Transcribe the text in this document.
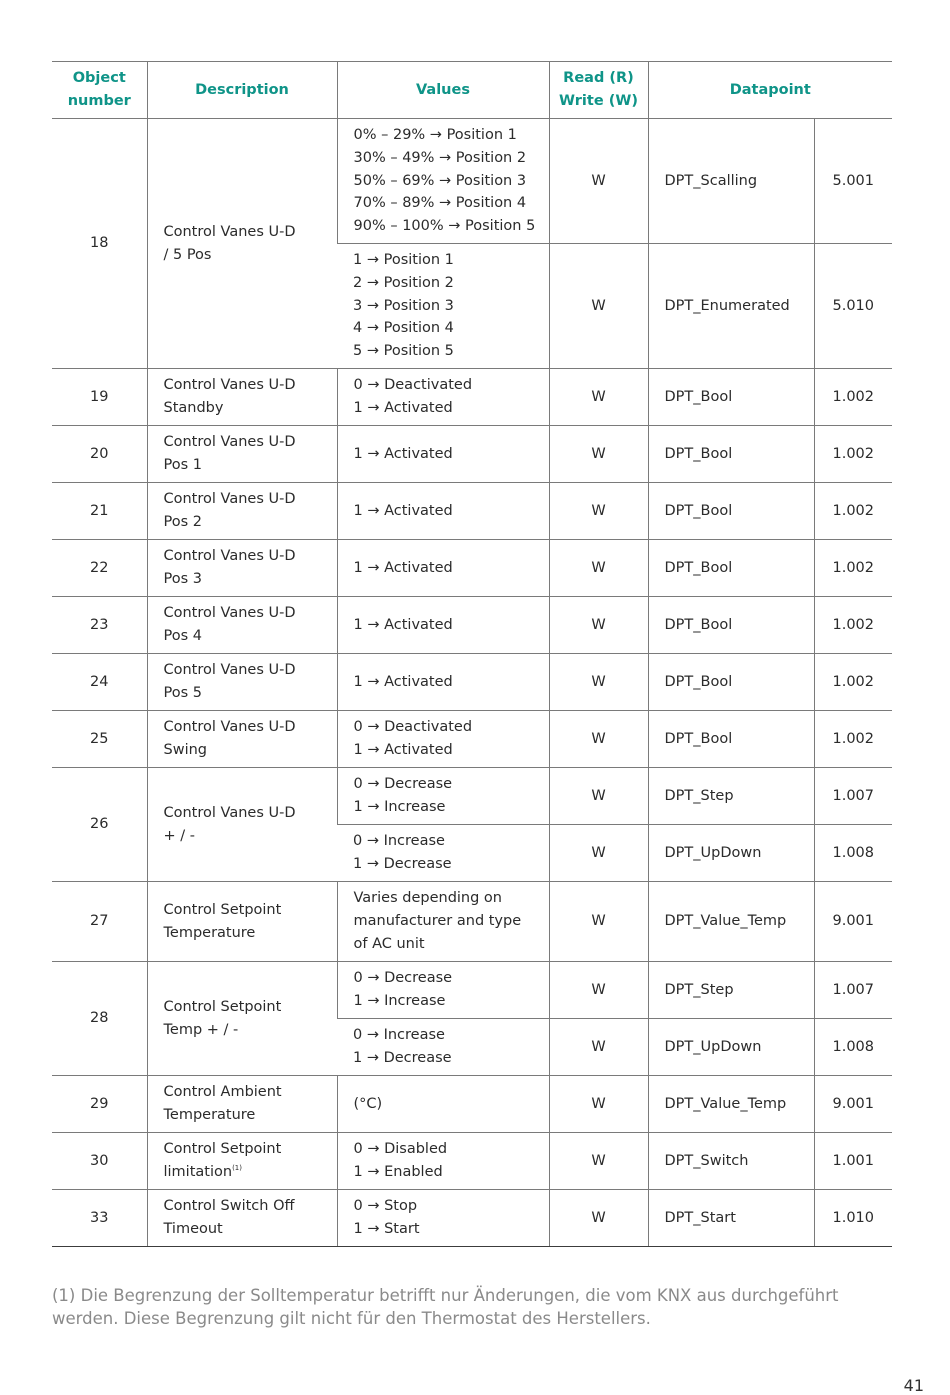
Object
number	Description	Values	Read (R)
Write (W)	Datapoint	
18	Control Vanes U-D
/ 5 Pos	0% – 29% → Position 1
30% – 49% → Position 2
50% – 69% → Position 3
70% – 89% → Position 4
90% – 100% → Position 5	W	DPT_Scalling	5.001

		1 → Position 1
2 → Position 2
3 → Position 3
4 → Position 4
5 → Position 5	W	DPT_Enumerated	5.010
19	Control Vanes U-D
Standby	0 → Deactivated
1 → Activated	W	DPT_Bool	1.002
20	Control Vanes U-D
Pos 1	1 → Activated	W	DPT_Bool	1.002
21	Control Vanes U-D
Pos 2	1 → Activated	W	DPT_Bool	1.002
22	Control Vanes U-D
Pos 3	1 → Activated	W	DPT_Bool	1.002
23	Control Vanes U-D
Pos 4	1 → Activated	W	DPT_Bool	1.002
24	Control Vanes U-D
Pos 5	1 → Activated	W	DPT_Bool	1.002
25	Control Vanes U-D
Swing	0 → Deactivated
1 → Activated	W	DPT_Bool	1.002
26	Control Vanes U-D
+ / -	0 → Decrease
1 → Increase	W	DPT_Step	1.007

		0 → Increase
1 → Decrease	W	DPT_UpDown	1.008
27	Control Setpoint
Temperature	Varies depending on
manufacturer and type
of AC unit	W	DPT_Value_Temp	9.001
28	Control Setpoint
Temp + / -	0 → Decrease
1 → Increase	W	DPT_Step	1.007

		0 → Increase
1 → Decrease	W	DPT_UpDown	1.008
29	Control Ambient
Temperature	(°C)	W	DPT_Value_Temp	9.001
30	Control Setpoint
limitation$^{(1)}$	0 → Disabled
1 → Enabled	W	DPT_Switch	1.001
33	Control Switch Off
Timeout	0 → Stop
1 → Start	W	DPT_Start	1.010
(1) Die Begrenzung der Solltemperatur betrifft nur Änderungen, die vom KNX aus durchgeführt werden. Diese Begrenzung gilt nicht für den Thermostat des Herstellers.
41
